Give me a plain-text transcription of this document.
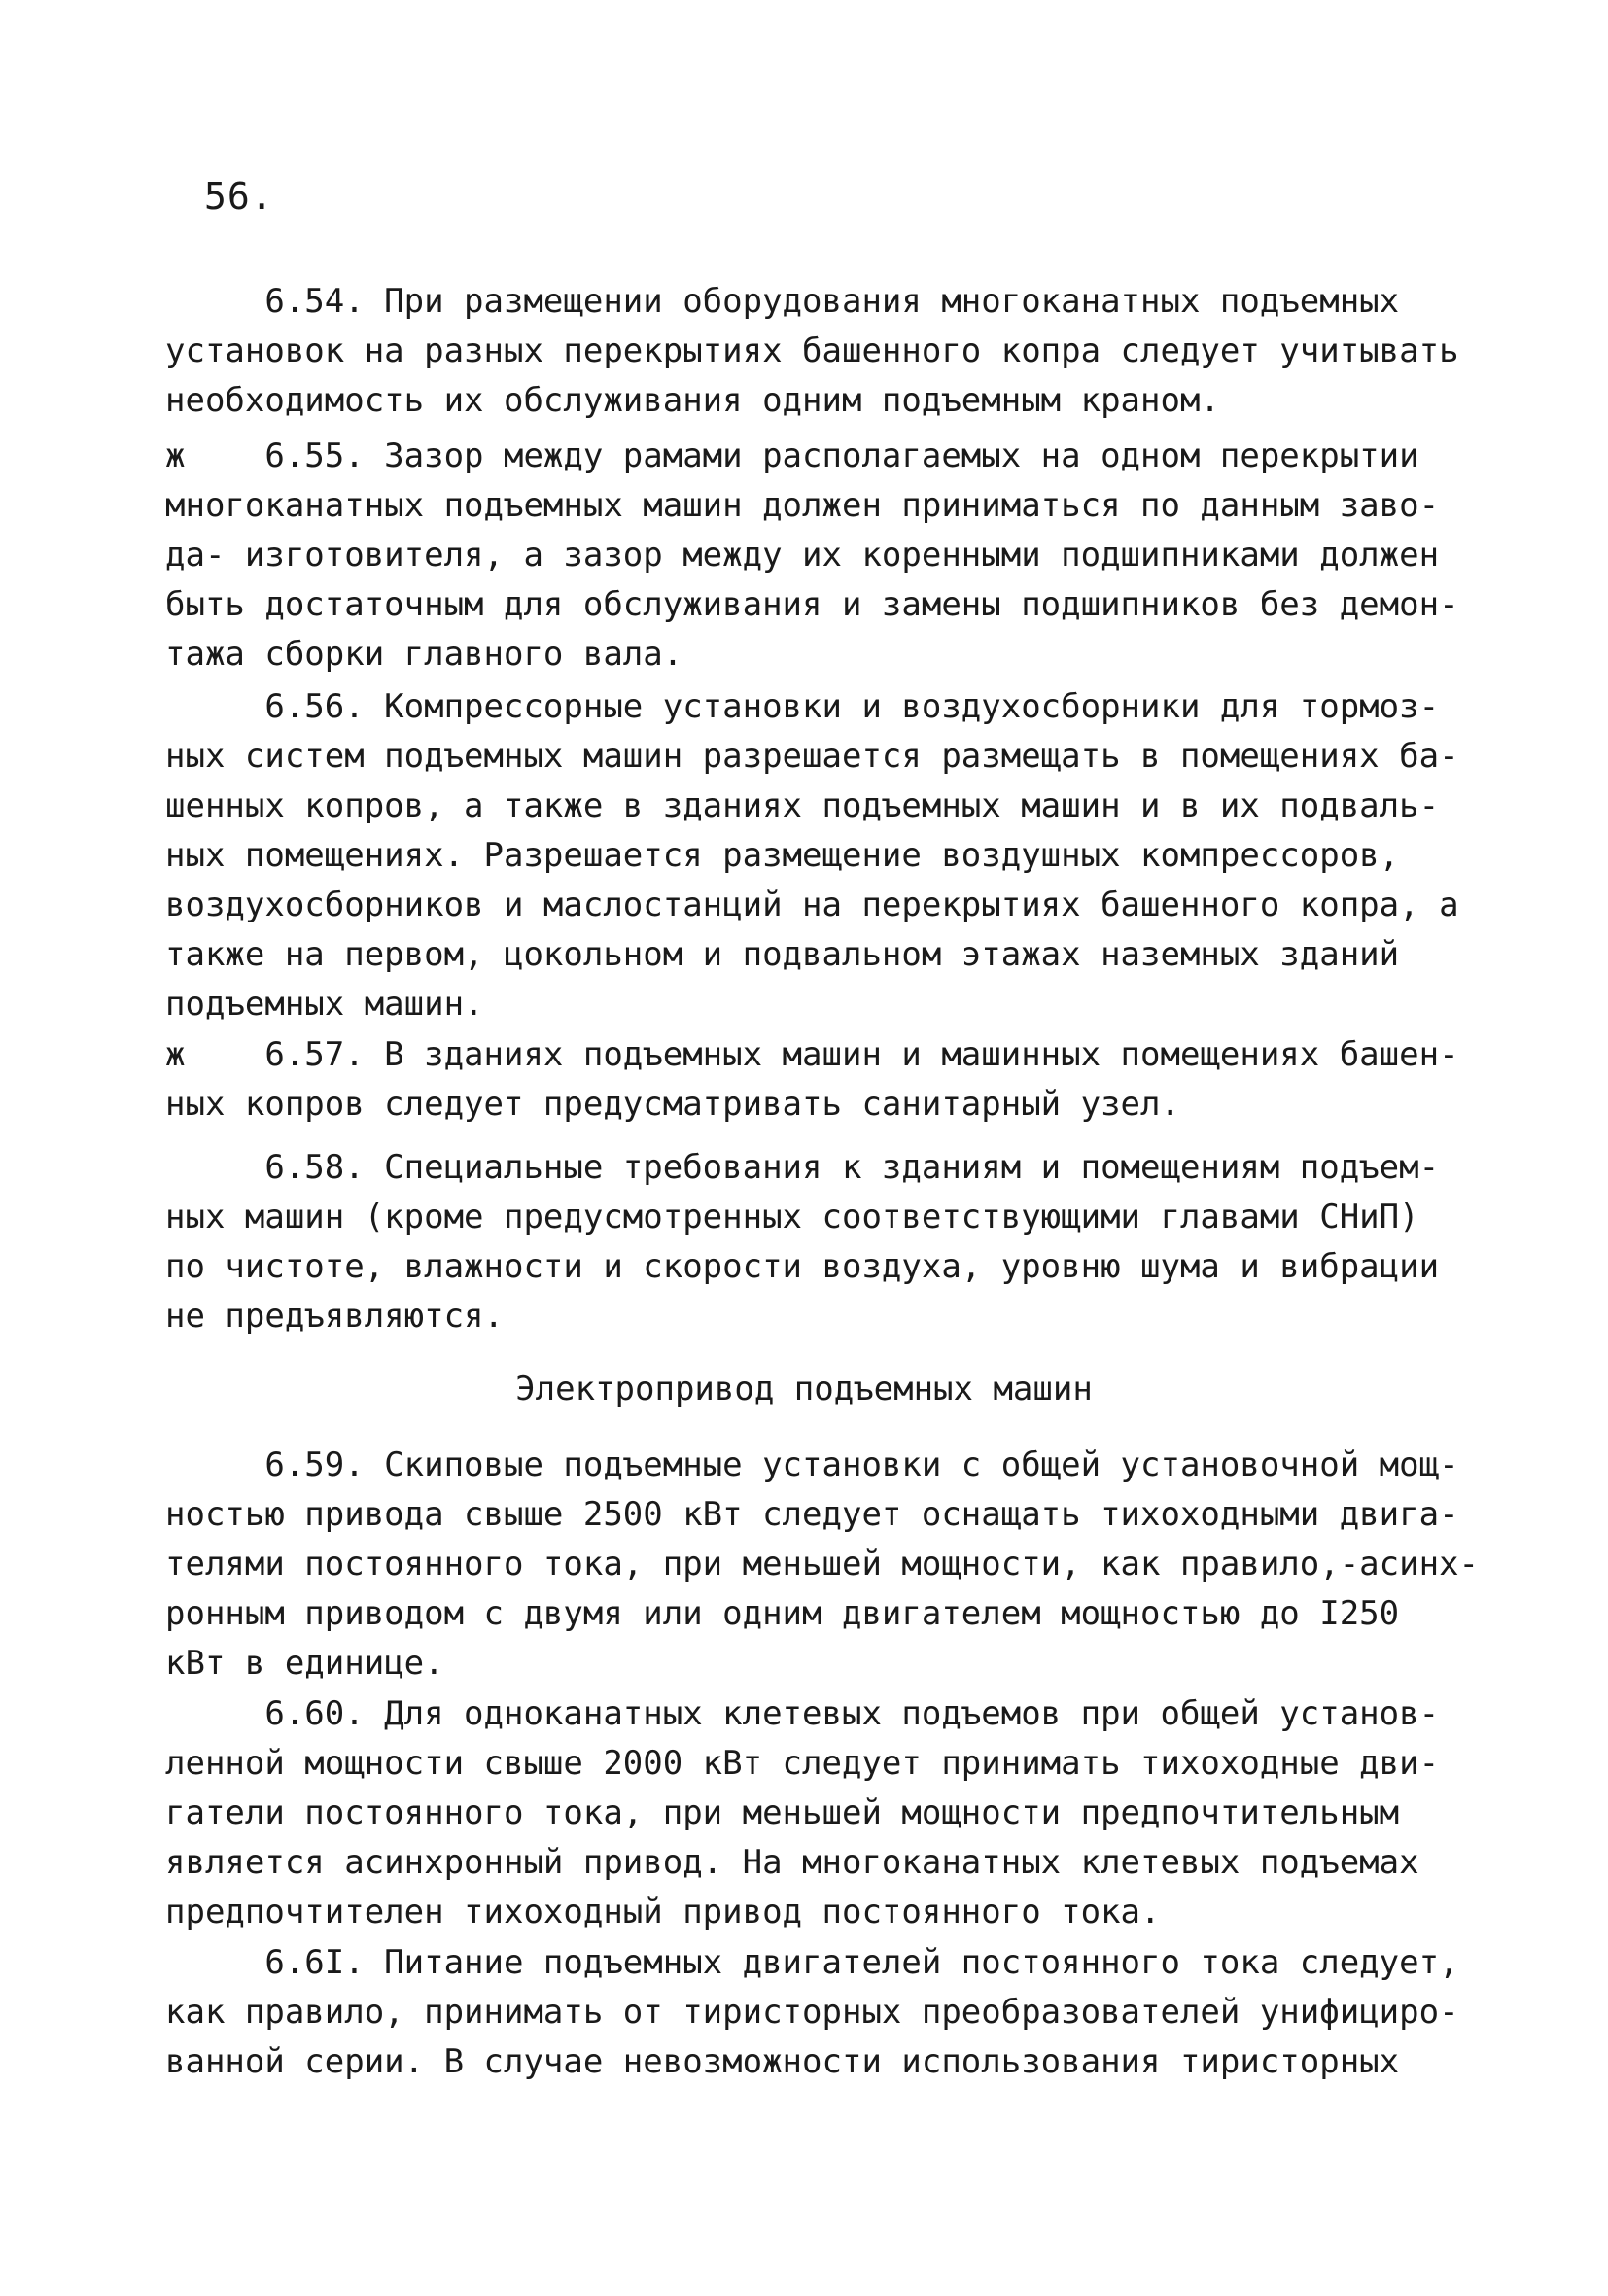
56.
6.54. При размещении оборудования многоканатных подъемных
установок на разных перекрытиях башенного копра следует учитывать
необходимость их обслуживания одним подъемным краном.
ж    6.55. Зазор между рамами располагаемых на одном перекрытии
многоканатных подъемных машин должен приниматься по данным заво-
да- изготовителя, а зазор между их коренными подшипниками должен
быть достаточным для обслуживания и замены подшипников без демон-
тажа сборки главного вала.
6.56. Компрессорные установки и воздухосборники для тормоз-
ных систем подъемных машин разрешается размещать в помещениях ба-
шенных копров, а также в зданиях подъемных машин и в их подваль-
ных помещениях. Разрешается размещение воздушных компрессоров,
воздухосборников и маслостанций на перекрытиях башенного копра, а
также на первом, цокольном и подвальном этажах наземных зданий
подъемных машин.
ж    6.57. В зданиях подъемных машин и машинных помещениях башен-
ных копров следует предусматривать санитарный узел.
6.58. Специальные требования к зданиям и помещениям подъем-
ных машин (кроме предусмотренных соответствующими главами СНиП)
по чистоте, влажности и скорости воздуха, уровню шума и вибрации
не предъявляются.
Электропривод подъемных машин
6.59. Скиповые подъемные установки с общей установочной мощ-
ностью привода свыше 2500 кВт следует оснащать тихоходными двига-
телями постоянного тока, при меньшей мощности, как правило,-асинх-
ронным приводом с двумя или одним двигателем мощностью до I250
кВт в единице.
6.60. Для одноканатных клетевых подъемов при общей установ-
ленной мощности свыше 2000 кВт следует принимать тихоходные дви-
гатели постоянного тока, при меньшей мощности предпочтительным
является асинхронный привод. На многоканатных клетевых подъемах
предпочтителен тихоходный привод постоянного тока.
6.6I. Питание подъемных двигателей постоянного тока следует,
как правило, принимать от тиристорных преобразователей унифициро-
ванной серии. В случае невозможности использования тиристорных
